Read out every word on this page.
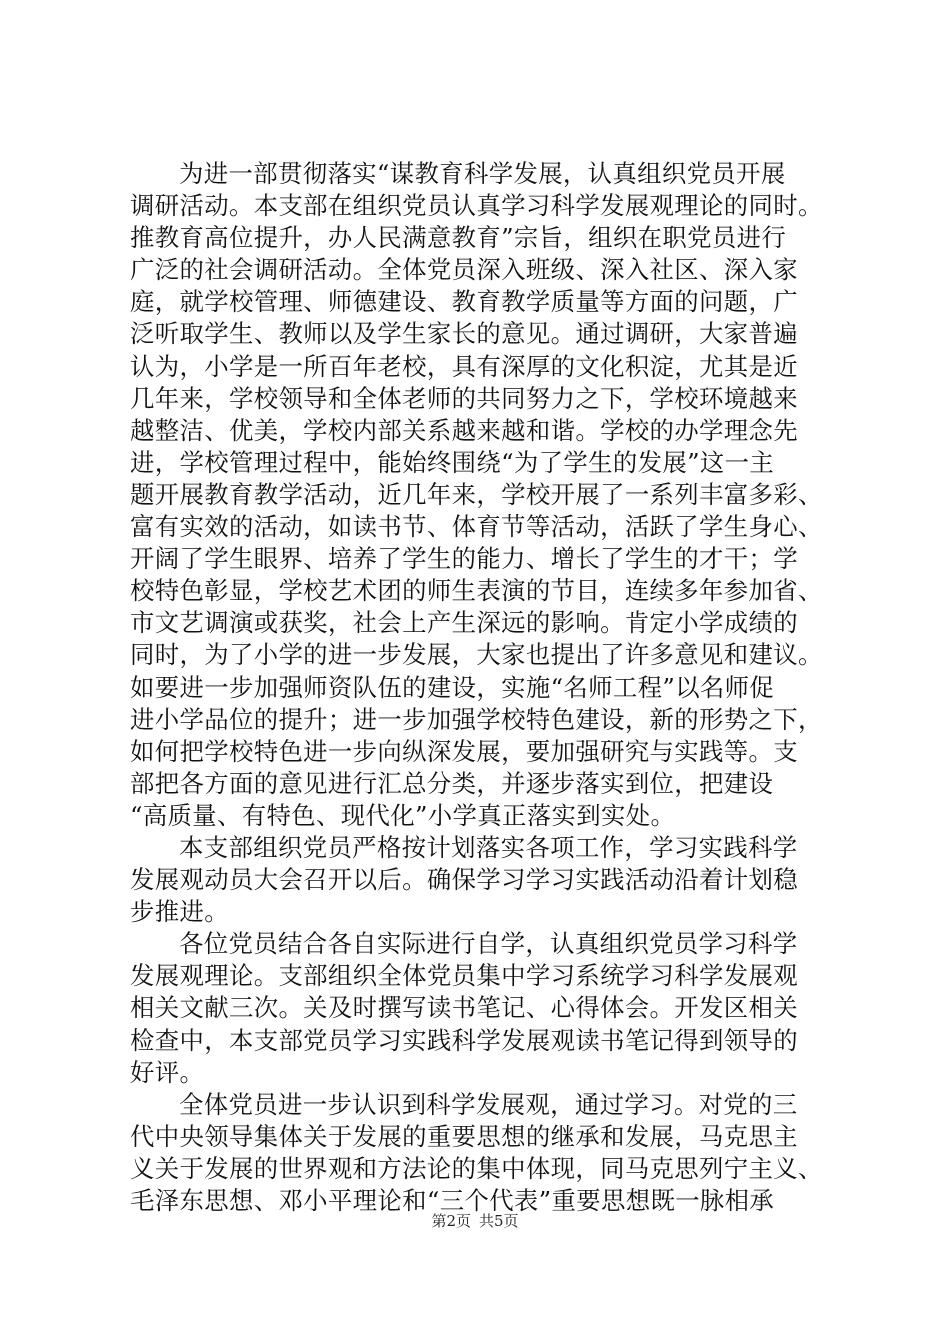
为进一部贯彻落实“谋教育科学发展，认真组织党员开展
调研活动。本支部在组织党员认真学习科学发展观理论的同时。
推教育高位提升，办人民满意教育”宗旨，组织在职党员进行
广泛的社会调研活动。全体党员深入班级、深入社区、深入家
庭，就学校管理、师德建设、教育教学质量等方面的问题，广
泛听取学生、教师以及学生家长的意见。通过调研，大家普遍
认为，小学是一所百年老校，具有深厚的文化积淀，尤其是近
几年来，学校领导和全体老师的共同努力之下，学校环境越来
越整洁、优美，学校内部关系越来越和谐。学校的办学理念先
进，学校管理过程中，能始终围绕“为了学生的发展”这一主
题开展教育教学活动，近几年来，学校开展了一系列丰富多彩、
富有实效的活动，如读书节、体育节等活动，活跃了学生身心、
开阔了学生眼界、培养了学生的能力、增长了学生的才干；学
校特色彰显，学校艺术团的师生表演的节目，连续多年参加省、
市文艺调演或获奖，社会上产生深远的影响。肯定小学成绩的
同时，为了小学的进一步发展，大家也提出了许多意见和建议。
如要进一步加强师资队伍的建设，实施“名师工程”以名师促
进小学品位的提升；进一步加强学校特色建设，新的形势之下，
如何把学校特色进一步向纵深发展，要加强研究与实践等。支
部把各方面的意见进行汇总分类，并逐步落实到位，把建设
“高质量、有特色、现代化”小学真正落实到实处。
本支部组织党员严格按计划落实各项工作，学习实践科学
发展观动员大会召开以后。确保学习学习实践活动沿着计划稳
步推进。
各位党员结合各自实际进行自学，认真组织党员学习科学
发展观理论。支部组织全体党员集中学习系统学习科学发展观
相关文献三次。关及时撰写读书笔记、心得体会。开发区相关
检查中，本支部党员学习实践科学发展观读书笔记得到领导的
好评。
全体党员进一步认识到科学发展观，通过学习。对党的三
代中央领导集体关于发展的重要思想的继承和发展，马克思主
义关于发展的世界观和方法论的集中体现，同马克思列宁主义、
毛泽东思想、邓小平理论和“三个代表”重要思想既一脉相承
第2页 共5页
